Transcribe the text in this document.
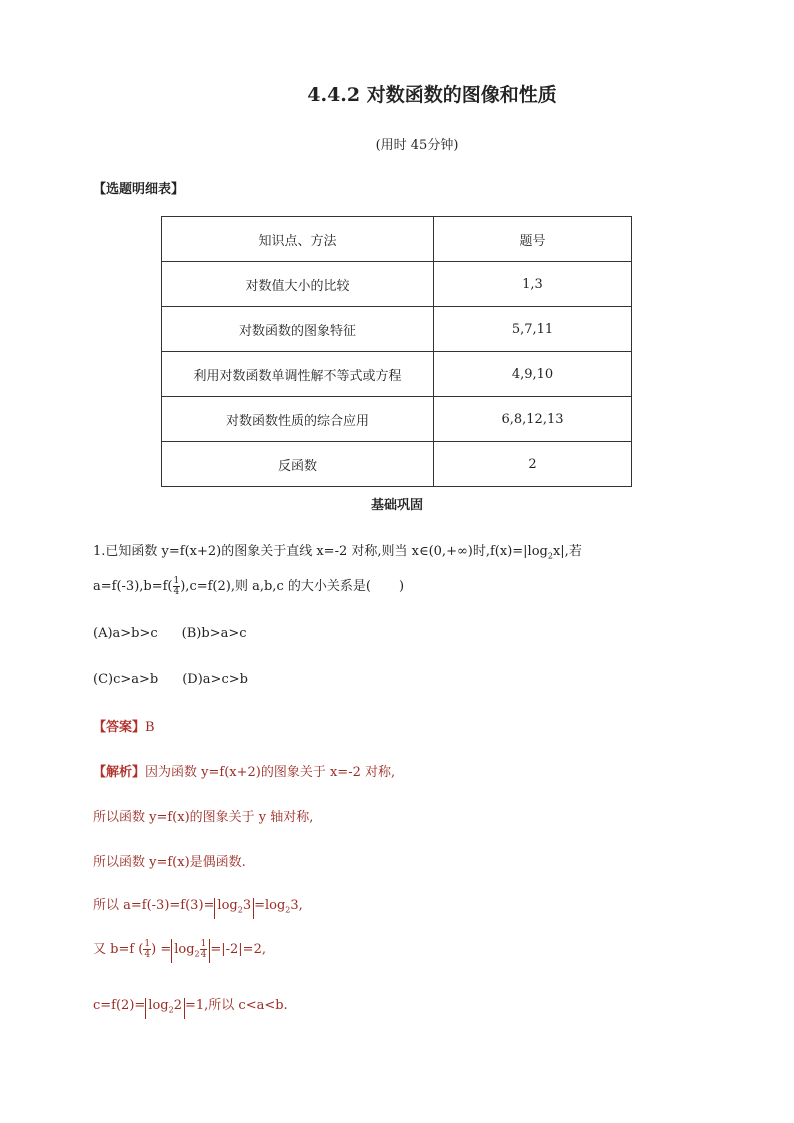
4.4.2 对数函数的图像和性质
(用时 45分钟)
【选题明细表】
知识点、方法	题号
对数值大小的比较	1,3
对数函数的图象特征	5,7,11
利用对数函数单调性解不等式或方程	4,9,10
对数函数性质的综合应用	6,8,12,13
反函数	2
基础巩固
1.已知函数 y=f(x+2)的图象关于直线 x=-2 对称,则当 x∈(0,+∞)时$,f(x)=|\log_2x|$,若
$a=f(-3),b=f( \frac{1}{4} ),c=f(2)$,则 a,b,c 的大小关系是( )
(A)a>b>c (B)b>a>c
(C)c>a>b (D)a>c>b
【答案】B
【解析】因为函数 y=f(x+2)的图象关于 x=-2 对称,
所以函数 y=f(x)的图象关于 y 轴对称,
所以函数 y=f(x)是偶函数.
所以 $a=f(-3)=f(3)= \log_23 =\log_23$,
又 b=f ( $\frac{1}{4}$ ) = $\log_2 \frac{1}{4} =|-2|=2$,
$c=f(2)= \log_22 =1$,所以 c<a<b.
